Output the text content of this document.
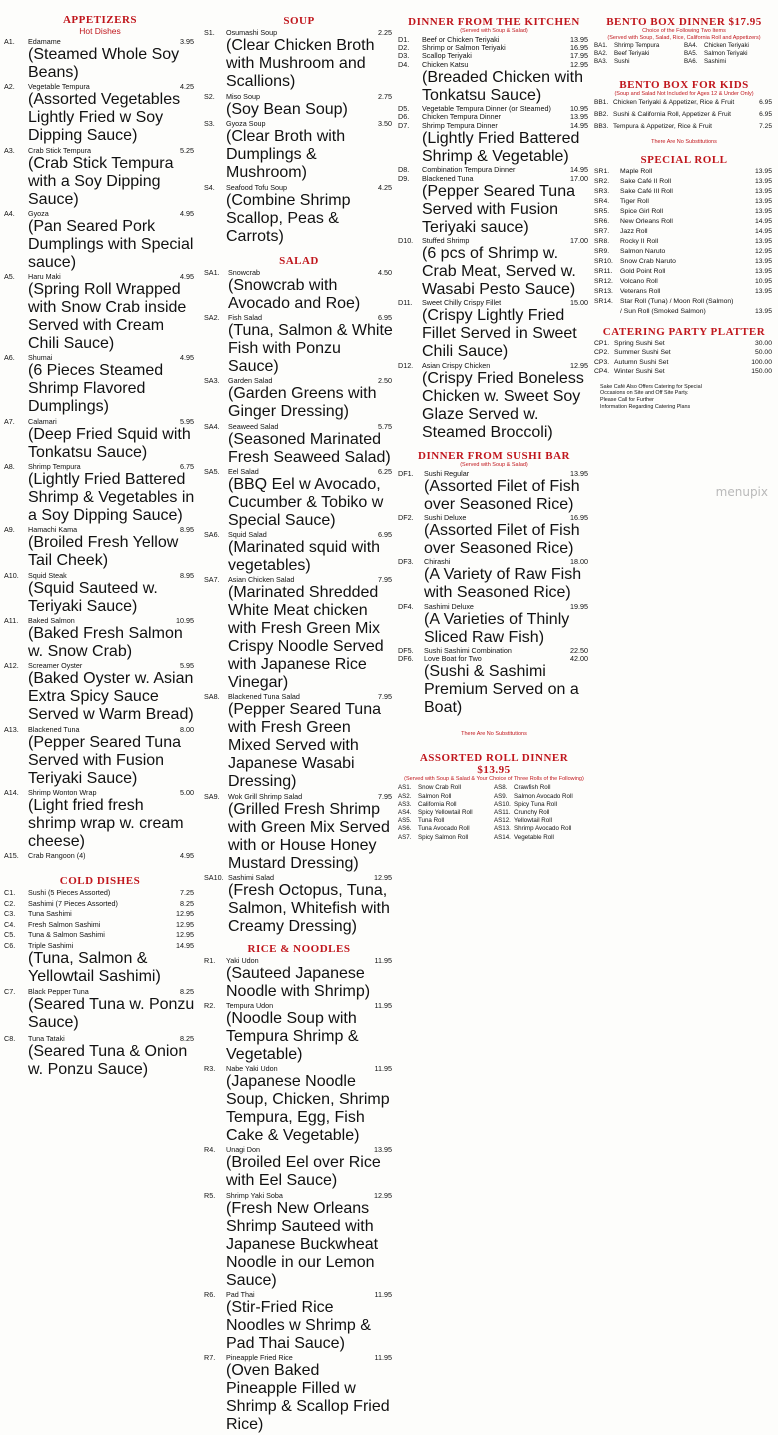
APPETIZERS
Hot Dishes
A1. Edamame	3.95
(Steamed Whole Soy Beans)
A2. Vegetable Tempura	4.25
(Assorted Vegetables Lightly Fried w Soy Dipping Sauce)
A3. Crab Stick Tempura	5.25
(Crab Stick Tempura with a Soy Dipping Sauce)
A4. Gyoza	4.95
(Pan Seared Pork Dumplings with Special sauce)
A5. Haru Maki	4.95
(Spring Roll Wrapped with Snow Crab inside Served with Cream Chili Sauce)
A6. Shumai	4.95
(6 Pieces Steamed Shrimp Flavored Dumplings)
A7. Calamari	5.95
(Deep Fried Squid with Tonkatsu Sauce)
A8. Shrimp Tempura	6.75
(Lightly Fried Battered Shrimp & Vegetables in a Soy Dipping Sauce)
A9. Hamachi Kama	8.95
(Broiled Fresh Yellow Tail Cheek)
A10. Squid Steak	8.95
(Squid Sauteed w. Teriyaki Sauce)
A11. Baked Salmon	10.95
(Baked Fresh Salmon w. Snow Crab)
A12. Screamer Oyster	5.95
(Baked Oyster w. Asian Extra Spicy Sauce Served w Warm Bread)
A13. Blackened Tuna	8.00
(Pepper Seared Tuna Served with Fusion Teriyaki Sauce)
A14. Shrimp Wonton Wrap	5.00
(Light fried fresh shrimp wrap w. cream cheese)
A15. Crab Rangoon (4)	4.95
COLD DISHES
C1. Sushi (5 Pieces Assorted)	7.25
C2. Sashimi (7 Pieces Assorted)	8.25
C3. Tuna Sashimi	12.95
C4. Fresh Salmon Sashimi	12.95
C5. Tuna & Salmon Sashimi	12.95
C6. Triple Sashimi	14.95
(Tuna, Salmon & Yellowtail Sashimi)
C7. Black Pepper Tuna	8.25
(Seared Tuna w. Ponzu Sauce)
C8. Tuna Tataki	8.25
(Seared Tuna & Onion w. Ponzu Sauce)
SOUP
S1. Osumashi Soup	2.25
(Clear Chicken Broth with Mushroom and Scallions)
S2. Miso Soup	2.75
(Soy Bean Soup)
S3. Gyoza Soup	3.50
(Clear Broth with Dumplings & Mushroom)
S4. Seafood Tofu Soup	4.25
(Combine Shrimp Scallop, Peas & Carrots)
SALAD
SA1. Snowcrab	4.50
(Snowcrab with Avocado and Roe)
SA2. Fish Salad	6.95
(Tuna, Salmon & White Fish with Ponzu Sauce)
SA3. Garden Salad	2.50
(Garden Greens with Ginger Dressing)
SA4. Seaweed Salad	5.75
(Seasoned Marinated Fresh Seaweed Salad)
SA5. Eel Salad	6.25
(BBQ Eel w Avocado, Cucumber & Tobiko w Special Sauce)
SA6. Squid Salad	6.95
(Marinated squid with vegetables)
SA7. Asian Chicken Salad	7.95
(Marinated Shredded White Meat chicken with Fresh Green Mix Crispy Noodle Served with Japanese Rice Vinegar)
SA8. Blackened Tuna Salad	7.95
(Pepper Seared Tuna with Fresh Green Mixed Served with Japanese Wasabi Dressing)
SA9. Wok Grill Shrimp Salad	7.95
(Grilled Fresh Shrimp with Green Mix Served with or House Honey Mustard Dressing)
SA10. Sashimi Salad	12.95
(Fresh Octopus, Tuna, Salmon, Whitefish with Creamy Dressing)
RICE & NOODLES
R1. Yaki Udon	11.95
(Sauteed Japanese Noodle with Shrimp)
R2. Tempura Udon	11.95
(Noodle Soup with Tempura Shrimp & Vegetable)
R3. Nabe Yaki Udon	11.95
(Japanese Noodle Soup, Chicken, Shrimp Tempura, Egg, Fish Cake & Vegetable)
R4. Unagi Don	13.95
(Broiled Eel over Rice with Eel Sauce)
R5. Shrimp Yaki Soba	12.95
(Fresh New Orleans Shrimp Sauteed with Japanese Buckwheat Noodle in our Lemon Sauce)
R6. Pad Thai	11.95
(Stir-Fried Rice Noodles w Shrimp & Pad Thai Sauce)
R7. Pineapple Fried Rice	11.95
(Oven Baked Pineapple Filled w Shrimp & Scallop Fried Rice)
DINNER FROM THE KITCHEN
(Served with Soup & Salad)
D1. Beef or Chicken Teriyaki	13.95
D2. Shrimp or Salmon Teriyaki	16.95
D3. Scallop Teriyaki	17.95
D4. Chicken Katsu	12.95
(Breaded Chicken with Tonkatsu Sauce)
D5. Vegetable Tempura Dinner (or Steamed)	10.95
D6. Chicken Tempura Dinner	13.95
D7. Shrimp Tempura Dinner	14.95
(Lightly Fried Battered Shrimp & Vegetable)
D8. Combination Tempura Dinner	14.95
D9. Blackened Tuna	17.00
(Pepper Seared Tuna Served with Fusion Teriyaki sauce)
D10. Stuffed Shrimp	17.00
(6 pcs of Shrimp w. Crab Meat, Served w. Wasabi Pesto Sauce)
D11. Sweet Chilly Crispy Fillet	15.00
(Crispy Lightly Fried Fillet Served in Sweet Chili Sauce)
D12. Asian Crispy Chicken	12.95
(Crispy Fried Boneless Chicken w. Sweet Soy Glaze Served w. Steamed Broccoli)
DINNER FROM SUSHI BAR
(Served with Soup & Salad)
DF1. Sushi Regular	13.95
(Assorted Filet of Fish over Seasoned Rice)
DF2. Sushi Deluxe	16.95
(Assorted Filet of Fish over Seasoned Rice)
DF3. Chirashi	18.00
(A Variety of Raw Fish with Seasoned Rice)
DF4. Sashimi Deluxe	19.95
(A Varieties of Thinly Sliced Raw Fish)
DF5. Sushi Sashimi Combination	22.50
DF6. Love Boat for Two	42.00
(Sushi & Sashimi Premium Served on a Boat)
There Are No Substitutions
ASSORTED ROLL DINNER
$13.95
(Served with Soup & Salad & Your Choice of Three Rolls of the Following)
AS1. Snow Crab Roll
AS2. Salmon Roll
AS3. California Roll
AS4. Spicy Yellowtail Roll
AS5. Tuna Roll
AS6. Tuna Avocado Roll
AS7. Spicy Salmon Roll
AS8. Crawfish Roll
AS9. Salmon Avocado Roll
AS10. Spicy Tuna Roll
AS11. Crunchy Roll
AS12. Yellowtail Roll
AS13. Shrimp Avocado Roll
AS14. Vegetable Roll
BENTO BOX DINNER $17.95
Choice of the Following Two Items
(Served with Soup, Salad, Rice, California Roll and Appetizers)
BA1. Shrimp Tempura
BA2. Beef Teriyaki
BA3. Sushi
BA4. Chicken Teriyaki
BA5. Salmon Teriyaki
BA6. Sashimi
BENTO BOX FOR KIDS
(Soup and Salad Not Included for Ages 12 & Under Only)
BB1. Chicken Teriyaki & Appetizer, Rice & Fruit	6.95
BB2. Sushi & California Roll, Appetizer & Fruit	6.95
BB3. Tempura & Appetizer, Rice & Fruit	7.25
There Are No Substitutions
SPECIAL ROLL
SR1. Maple Roll	13.95
SR2. Sake Café II Roll	13.95
SR3. Sake Café III Roll	13.95
SR4. Tiger Roll	13.95
SR5. Spice Girl Roll	13.95
SR6. New Orleans Roll	14.95
SR7. Jazz Roll	14.95
SR8. Rocky II Roll	13.95
SR9. Salmon Naruto	12.95
SR10. Snow Crab Naruto	13.95
SR11. Gold Point Roll	13.95
SR12. Volcano Roll	10.95
SR13. Veterans Roll	13.95
SR14. Star Roll (Tuna) / Moon Roll (Salmon)
/ Sun Roll (Smoked Salmon)	13.95
CATERING PARTY PLATTER
CP1. Spring Sushi Set	30.00
CP2. Summer Sushi Set	50.00
CP3. Autumn Sushi Set	100.00
CP4. Winter Sushi Set	150.00
Sake Café Also Offers Catering for Special
Occasions on Site and Off Site Party.
Please Call for Further
Information Regarding Catering Plans
menupix
